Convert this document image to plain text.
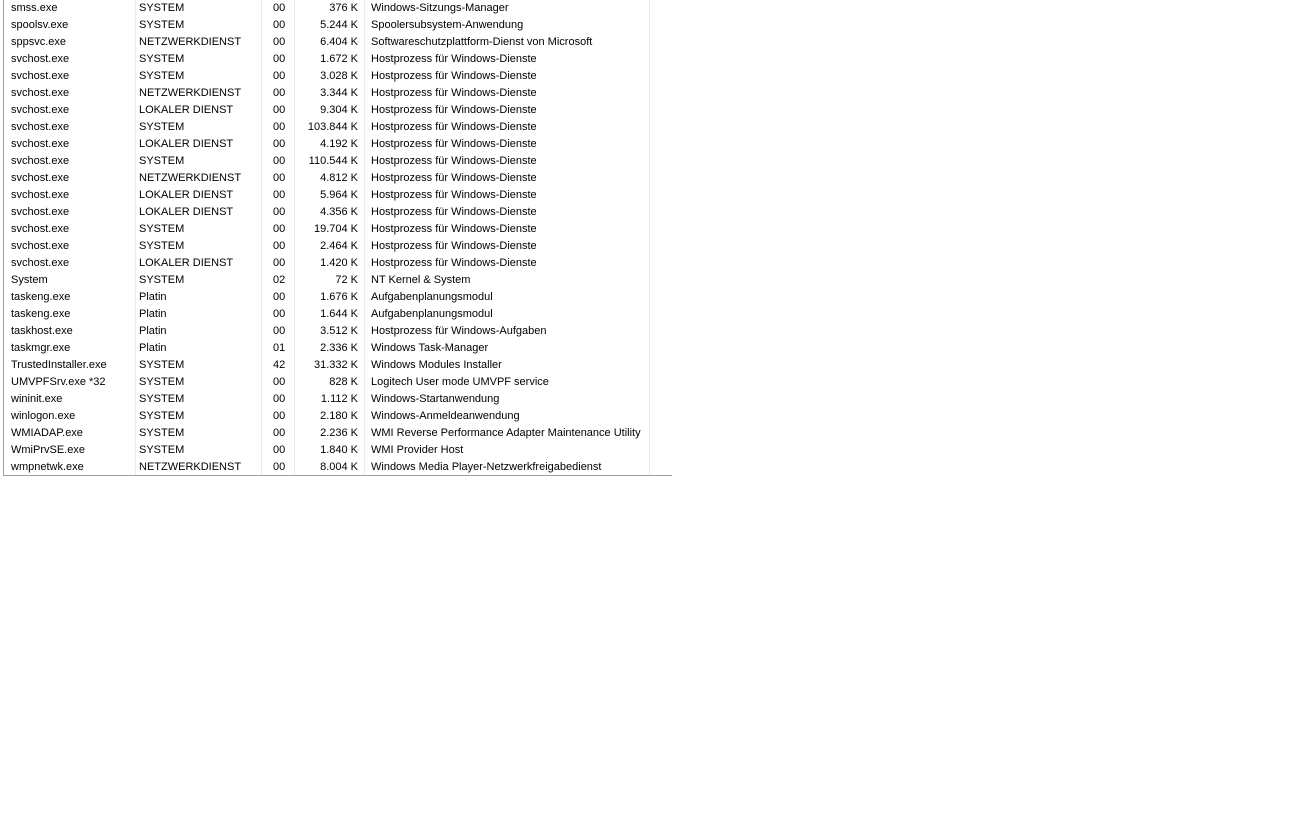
smss.exe	SYSTEM	00	376 K Windows-Sitzungs-Manager
spoolsv.exe	SYSTEM	00	5.244 K Spoolersubsystem-Anwendung
sppsvc.exe	NETZWERKDIENST	00	6.404 K Softwareschutzplattform-Dienst von Microsoft
svchost.exe	SYSTEM	00	1.672 K Hostprozess für Windows-Dienste
svchost.exe	SYSTEM	00	3.028 K Hostprozess für Windows-Dienste
svchost.exe	NETZWERKDIENST	00	3.344 K Hostprozess für Windows-Dienste
svchost.exe	LOKALER DIENST	00	9.304 K Hostprozess für Windows-Dienste
svchost.exe	SYSTEM	00	103.844 K Hostprozess für Windows-Dienste
svchost.exe	LOKALER DIENST	00	4.192 K Hostprozess für Windows-Dienste
svchost.exe	SYSTEM	00	110.544 K Hostprozess für Windows-Dienste
svchost.exe	NETZWERKDIENST	00	4.812 K Hostprozess für Windows-Dienste
svchost.exe	LOKALER DIENST	00	5.964 K Hostprozess für Windows-Dienste
svchost.exe	LOKALER DIENST	00	4.356 K Hostprozess für Windows-Dienste
svchost.exe	SYSTEM	00	19.704 K Hostprozess für Windows-Dienste
svchost.exe	SYSTEM	00	2.464 K Hostprozess für Windows-Dienste
svchost.exe	LOKALER DIENST	00	1.420 K Hostprozess für Windows-Dienste
System	SYSTEM	02	72 K NT Kernel & System
taskeng.exe	Platin	00	1.676 K Aufgabenplanungsmodul
taskeng.exe	Platin	00	1.644 K Aufgabenplanungsmodul
taskhost.exe	Platin	00	3.512 K Hostprozess für Windows-Aufgaben
taskmgr.exe	Platin	01	2.336 K Windows Task-Manager
TrustedInstaller.exe	SYSTEM	42	31.332 K Windows Modules Installer
UMVPFSrv.exe *32	SYSTEM	00	828 K Logitech User mode UMVPF service
wininit.exe	SYSTEM	00	1.112 K Windows-Startanwendung
winlogon.exe	SYSTEM	00	2.180 K Windows-Anmeldeanwendung
WMIADAP.exe	SYSTEM	00	2.236 K WMI Reverse Performance Adapter Maintenance Utility
WmiPrvSE.exe	SYSTEM	00	1.840 K WMI Provider Host
wmpnetwk.exe	NETZWERKDIENST	00	8.004 K Windows Media Player-Netzwerkfreigabedienst
